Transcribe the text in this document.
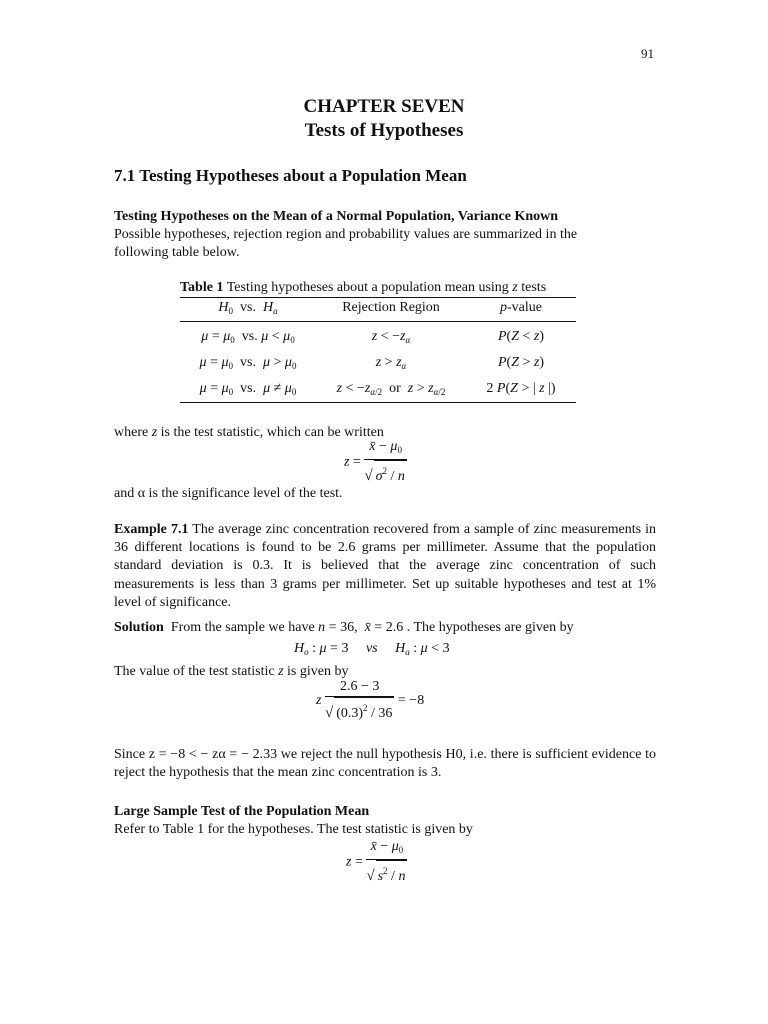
91
CHAPTER SEVEN
Tests of Hypotheses
7.1 Testing Hypotheses about a Population Mean
Testing Hypotheses on the Mean of a Normal Population, Variance Known
Possible hypotheses, rejection region and probability values are summarized in the
following table below.
Table 1 Testing hypotheses about a population mean using z tests
$H_0$  vs.  $H_a$	Rejection Region	p-value
$\mu = \mu_0$  vs. $\mu < \mu_0$	$z < -z_\alpha$	P(Z < z)
$\mu = \mu_0$  vs.  $\mu > \mu_0$	$z > z_\alpha$	P(Z > z)
$\mu = \mu_0$  vs.  $\mu \ne \mu_0$	$z < -z_{\alpha/2}$  or  $z > z_{\alpha/2}$	2 P(Z > | z |)
where z is the test statistic, which can be written
$z = \frac{x̄ - \mu_0}{√ \sigma^2 / n}$
and α is the significance level of the test.
Example 7.1 The average zinc concentration recovered from a sample of zinc measurements in 36 different locations is found to be 2.6 grams per millimeter. Assume that the population standard deviation is 0.3. It is believed that the average zinc concentration of such measurements is less than 3 grams per millimeter. Set up suitable hypotheses and test at 1% level of significance.
Solution From the sample we have n = 36,  x̄ = 2.6 . The hypotheses are given by
$H_o$ : μ = 3     vs $H_a$ : μ < 3
The value of the test statistic z is given by
z $\frac{2.6 - 3}{√ (0.3)^2 / 36} = -8$
Since z = −8 < − zα = − 2.33 we reject the null hypothesis H0, i.e. there is sufficient evidence to reject the hypothesis that the mean zinc concentration is 3.
Large Sample Test of the Population Mean
Refer to Table 1 for the hypotheses. The test statistic is given by
$z = \frac{x̄ - \mu_0}{√ s^2 / n}$
